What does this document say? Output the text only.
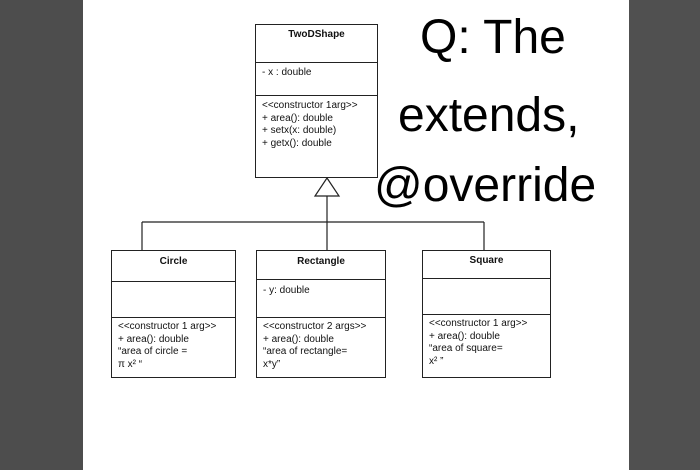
TwoDShape
- x : double
<<constructor 1arg>>
+ area(): double
+ setx(x: double)
+ getx(): double
Circle
<<constructor 1 arg>>
+ area(): double
“area of circle =
π x² “
Rectangle
- y: double
<<constructor 2 args>>
+ area(): double
“area of rectangle=
x*y”
Square
<<constructor 1 arg>>
+ area(): double
“area of square=
x² ”
Q: The
extends,
@override
